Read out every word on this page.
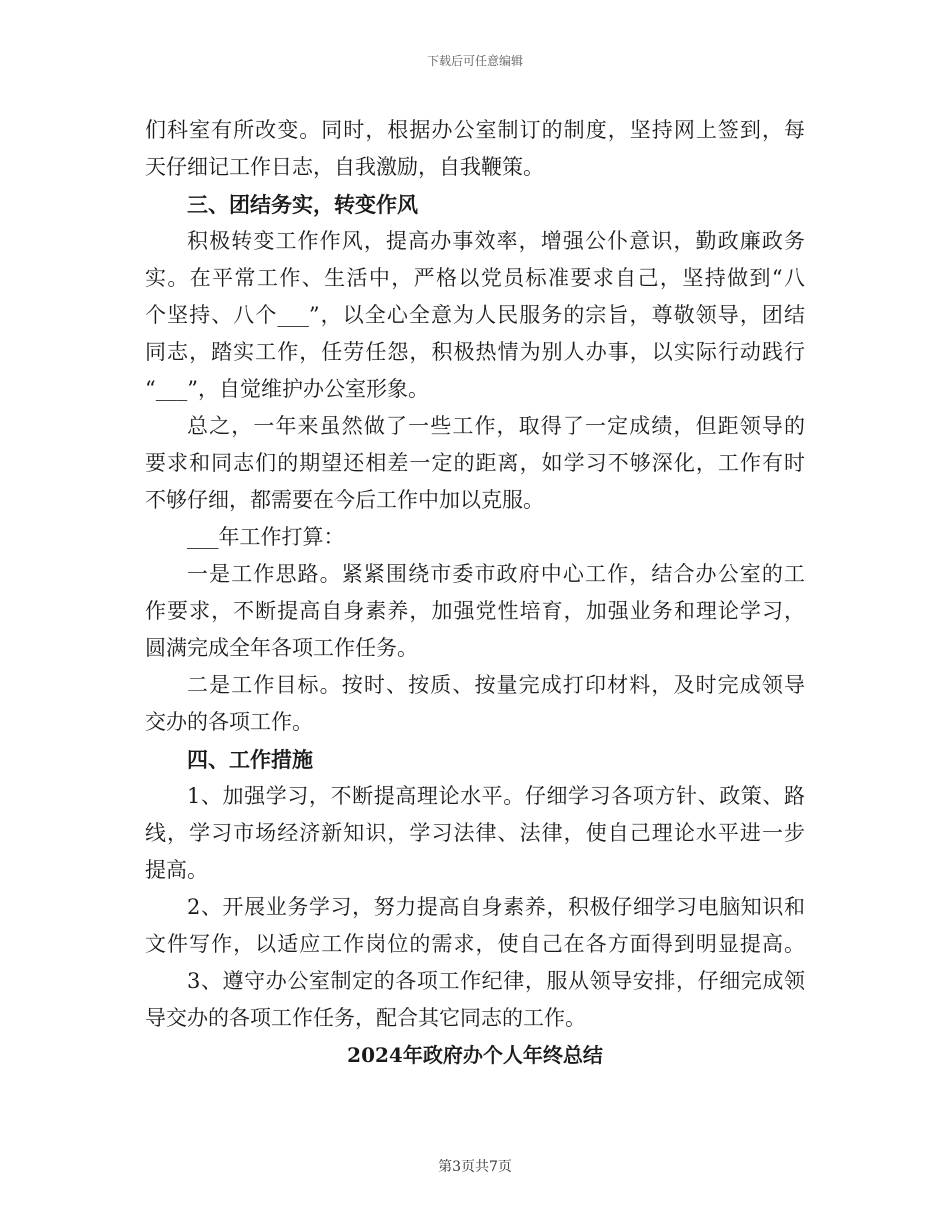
下载后可任意编辑
们科室有所改变。同时，根据办公室制订的制度，坚持网上签到，每
天仔细记工作日志，自我激励，自我鞭策。
三、团结务实，转变作风
积极转变工作作风，提高办事效率，增强公仆意识，勤政廉政务
实。在平常工作、生活中，严格以党员标准要求自己，坚持做到“八
个坚持、八个___”，以全心全意为人民服务的宗旨，尊敬领导，团结
同志，踏实工作，任劳任怨，积极热情为别人办事，以实际行动践行
“___”，自觉维护办公室形象。
总之，一年来虽然做了一些工作，取得了一定成绩，但距领导的
要求和同志们的期望还相差一定的距离，如学习不够深化，工作有时
不够仔细，都需要在今后工作中加以克服。
___年工作打算：
一是工作思路。紧紧围绕市委市政府中心工作，结合办公室的工
作要求，不断提高自身素养，加强党性培育，加强业务和理论学习，
圆满完成全年各项工作任务。
二是工作目标。按时、按质、按量完成打印材料，及时完成领导
交办的各项工作。
四、工作措施
1、加强学习，不断提高理论水平。仔细学习各项方针、政策、路
线，学习市场经济新知识，学习法律、法律，使自己理论水平进一步
提高。
2、开展业务学习，努力提高自身素养，积极仔细学习电脑知识和
文件写作，以适应工作岗位的需求，使自己在各方面得到明显提高。
3、遵守办公室制定的各项工作纪律，服从领导安排，仔细完成领
导交办的各项工作任务，配合其它同志的工作。
2024年政府办个人年终总结
第3页共7页
